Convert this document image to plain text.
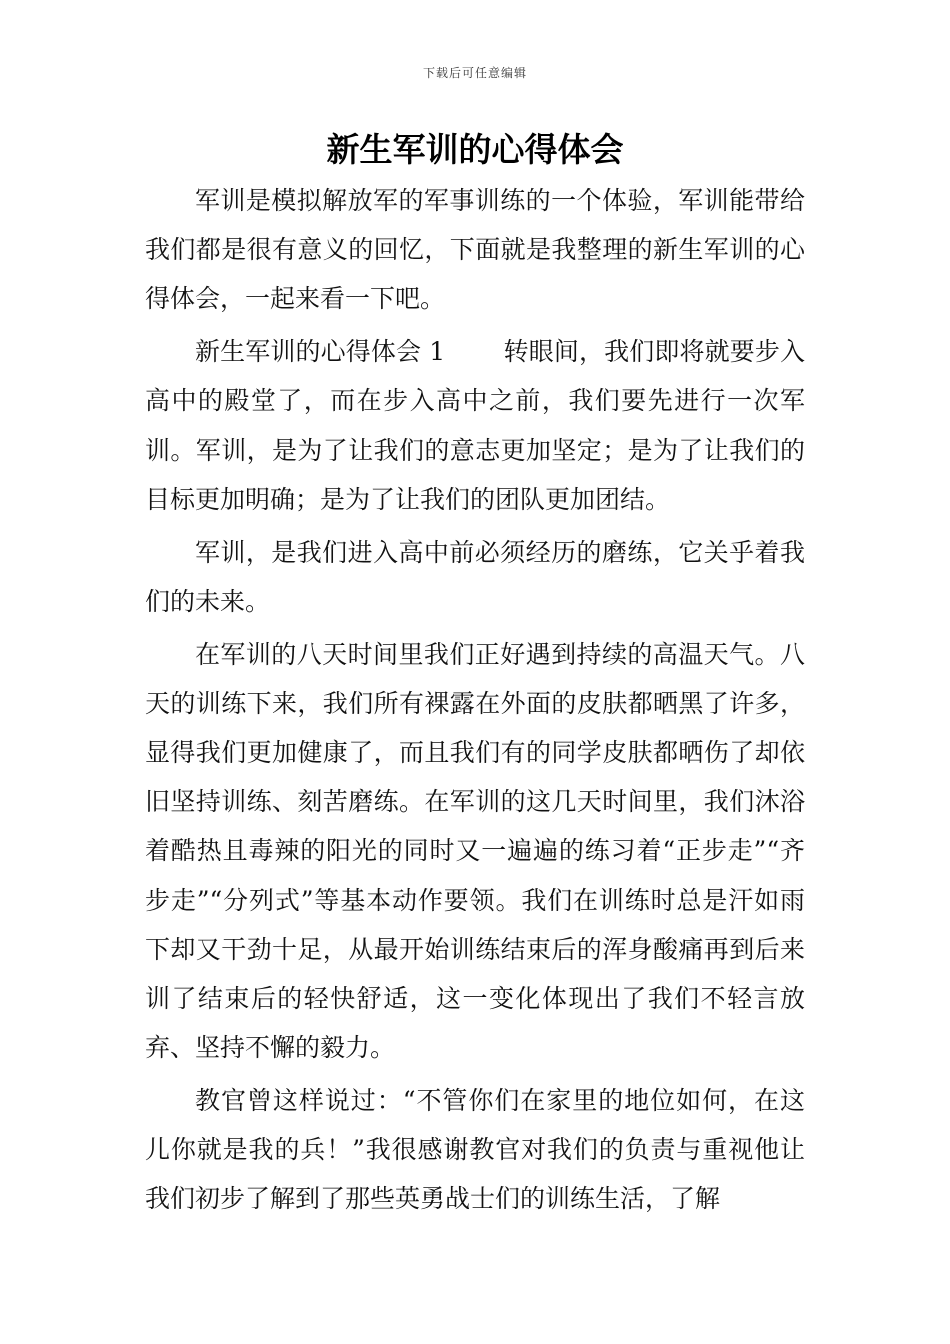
下载后可任意编辑
新生军训的心得体会

军训是模拟解放军的军事训练的一个体验，军训能带给我们都是很有意义的回忆，下面就是我整理的新生军训的心得体会，一起来看一下吧。

新生军训的心得体会 1　　 转眼间，我们即将就要步入高中的殿堂了，而在步入高中之前，我们要先进行一次军训。军训，是为了让我们的意志更加坚定；是为了让我们的目标更加明确；是为了让我们的团队更加团结。

军训，是我们进入高中前必须经历的磨练，它关乎着我们的未来。

在军训的八天时间里我们正好遇到持续的高温天气。八天的训练下来，我们所有裸露在外面的皮肤都晒黑了许多，显得我们更加健康了，而且我们有的同学皮肤都晒伤了却依旧坚持训练、刻苦磨练。在军训的这几天时间里，我们沐浴着酷热且毒辣的阳光的同时又一遍遍的练习着“正步走”“齐步走”“分列式”等基本动作要领。我们在训练时总是汗如雨下却又干劲十足，从最开始训练结束后的浑身酸痛再到后来训了结束后的轻快舒适，这一变化体现出了我们不轻言放弃、坚持不懈的毅力。

教官曾这样说过：“不管你们在家里的地位如何，在这儿你就是我的兵！”我很感谢教官对我们的负责与重视他让我们初步了解到了那些英勇战士们的训练生活，了解
